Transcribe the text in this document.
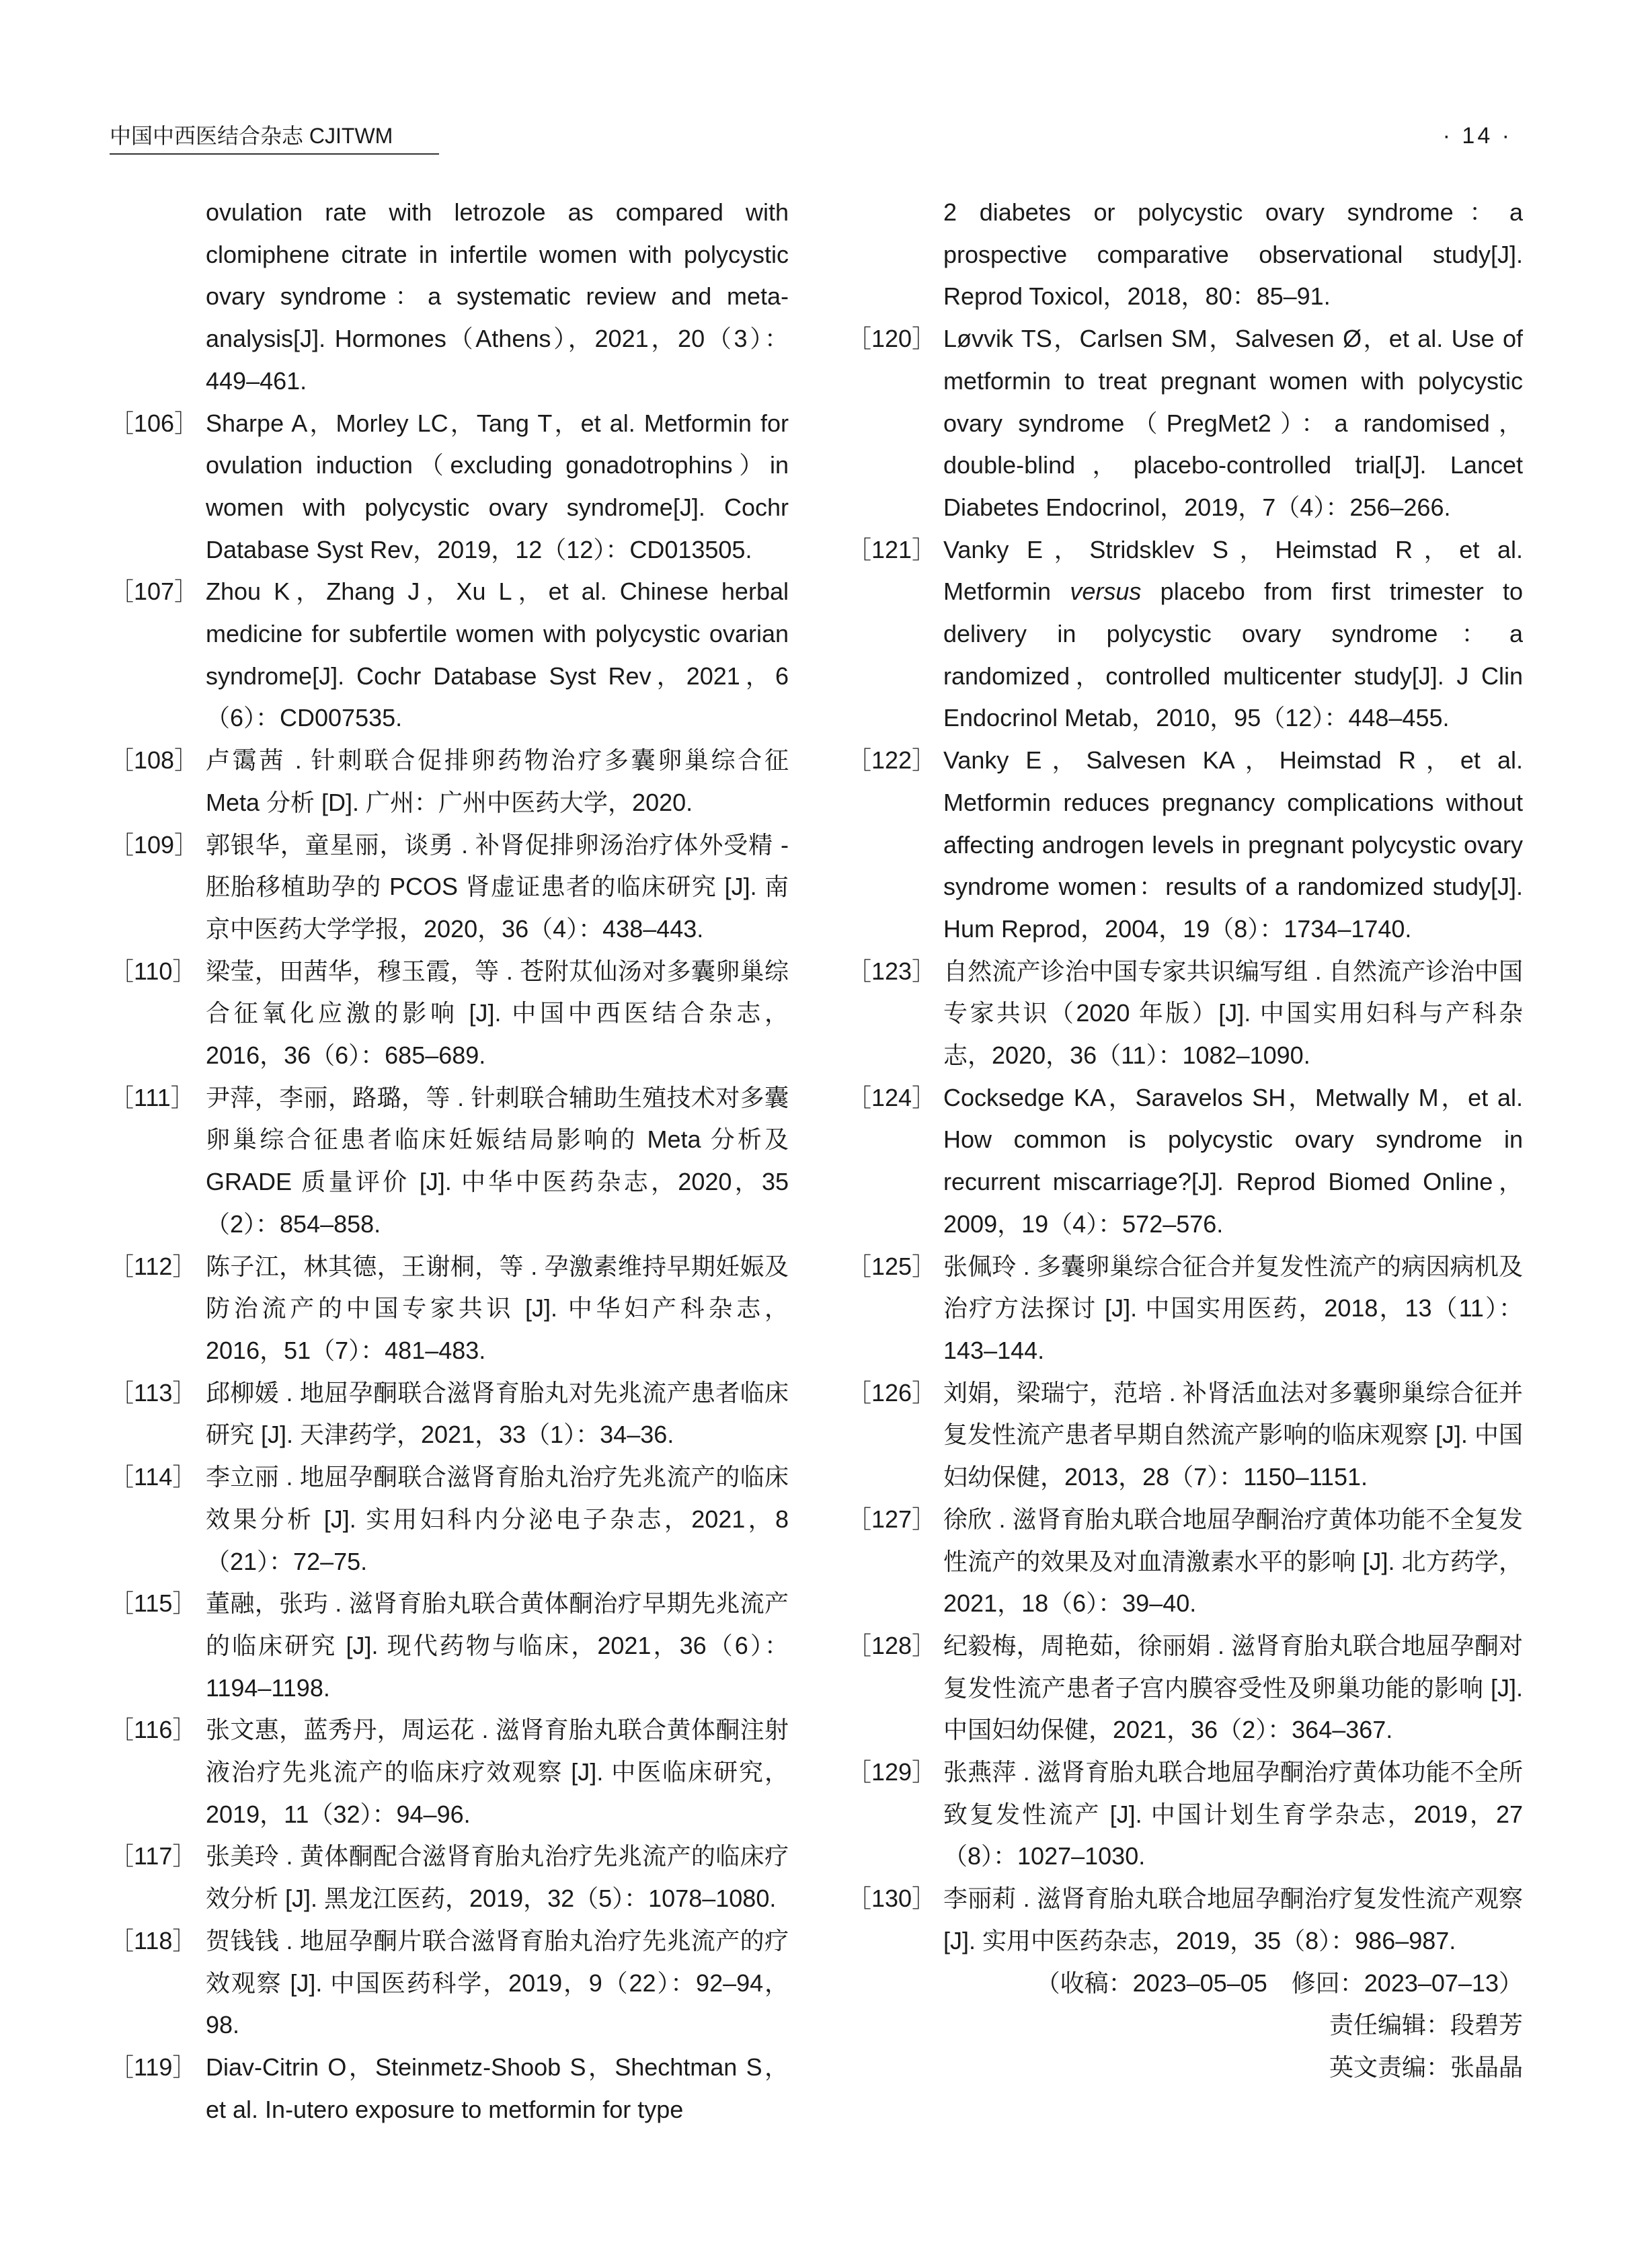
中国中西医结合杂志 CJITWM	· 14 ·
ovulation rate with letrozole as compared with clomiphene citrate in infertile women with polycystic ovary syndrome：a systematic review and meta-analysis[J]. Hormones（Athens），2021，20（3）：449–461.
［106］ Sharpe A，Morley LC，Tang T，et al. Metformin for ovulation induction（excluding gonadotrophins）in women with polycystic ovary syndrome[J]. Cochr Database Syst Rev，2019，12（12）：CD013505.
［107］ Zhou K，Zhang J，Xu L，et al. Chinese herbal medicine for subfertile women with polycystic ovarian syndrome[J]. Cochr Database Syst Rev，2021，6（6）：CD007535.
［108］ 卢霭茜 . 针刺联合促排卵药物治疗多囊卵巢综合征 Meta 分析 [D]. 广州：广州中医药大学，2020.
［109］ 郭银华，童星丽，谈勇 . 补肾促排卵汤治疗体外受精 - 胚胎移植助孕的 PCOS 肾虚证患者的临床研究 [J]. 南京中医药大学学报，2020，36（4）：438–443.
［110］ 梁莹，田茜华，穆玉霞，等 . 苍附苁仙汤对多囊卵巢综合征氧化应激的影响 [J]. 中国中西医结合杂志，2016，36（6）：685–689.
［111］ 尹萍，李丽，路璐，等 . 针刺联合辅助生殖技术对多囊卵巢综合征患者临床妊娠结局影响的 Meta 分析及 GRADE 质量评价 [J]. 中华中医药杂志，2020，35（2）：854–858.
［112］ 陈子江，林其德，王谢桐，等 . 孕激素维持早期妊娠及防治流产的中国专家共识 [J]. 中华妇产科杂志，2016，51（7）：481–483.
［113］ 邱柳媛 . 地屈孕酮联合滋肾育胎丸对先兆流产患者临床研究 [J]. 天津药学，2021，33（1）：34–36.
［114］ 李立丽 . 地屈孕酮联合滋肾育胎丸治疗先兆流产的临床效果分析 [J]. 实用妇科内分泌电子杂志，2021，8（21）：72–75.
［115］ 董融，张玙 . 滋肾育胎丸联合黄体酮治疗早期先兆流产的临床研究 [J]. 现代药物与临床，2021，36（6）：1194–1198.
［116］ 张文惠，蓝秀丹，周运花 . 滋肾育胎丸联合黄体酮注射液治疗先兆流产的临床疗效观察 [J]. 中医临床研究，2019，11（32）：94–96.
［117］ 张美玲 . 黄体酮配合滋肾育胎丸治疗先兆流产的临床疗效分析 [J]. 黑龙江医药，2019，32（5）：1078–1080.
［118］ 贺钱钱 . 地屈孕酮片联合滋肾育胎丸治疗先兆流产的疗效观察 [J]. 中国医药科学，2019，9（22）：92–94，98.
［119］ Diav-Citrin O，Steinmetz-Shoob S，Shechtman S，et al. In-utero exposure to metformin for type
2 diabetes or polycystic ovary syndrome：a prospective comparative observational study[J]. Reprod Toxicol，2018，80：85–91.
［120］ Løvvik TS，Carlsen SM，Salvesen Ø，et al. Use of metformin to treat pregnant women with polycystic ovary syndrome（PregMet2）：a randomised，double-blind，placebo-controlled trial[J]. Lancet Diabetes Endocrinol，2019，7（4）：256–266.
［121］ Vanky E，Stridsklev S，Heimstad R，et al. Metformin versus placebo from first trimester to delivery in polycystic ovary syndrome：a randomized，controlled multicenter study[J]. J Clin Endocrinol Metab，2010，95（12）：448–455.
［122］ Vanky E，Salvesen KA，Heimstad R，et al. Metformin reduces pregnancy complications without affecting androgen levels in pregnant polycystic ovary syndrome women：results of a randomized study[J]. Hum Reprod，2004，19（8）：1734–1740.
［123］ 自然流产诊治中国专家共识编写组 . 自然流产诊治中国专家共识（2020 年版）[J]. 中国实用妇科与产科杂志，2020，36（11）：1082–1090.
［124］ Cocksedge KA，Saravelos SH，Metwally M，et al. How common is polycystic ovary syndrome in recurrent miscarriage?[J]. Reprod Biomed Online，2009，19（4）：572–576.
［125］ 张佩玲 . 多囊卵巢综合征合并复发性流产的病因病机及治疗方法探讨 [J]. 中国实用医药，2018，13（11）：143–144.
［126］ 刘娟，梁瑞宁，范培 . 补肾活血法对多囊卵巢综合征并复发性流产患者早期自然流产影响的临床观察 [J]. 中国妇幼保健，2013，28（7）：1150–1151.
［127］ 徐欣 . 滋肾育胎丸联合地屈孕酮治疗黄体功能不全复发性流产的效果及对血清激素水平的影响 [J]. 北方药学，2021，18（6）：39–40.
［128］ 纪毅梅，周艳茹，徐丽娟 . 滋肾育胎丸联合地屈孕酮对复发性流产患者子宫内膜容受性及卵巢功能的影响 [J]. 中国妇幼保健，2021，36（2）：364–367.
［129］ 张燕萍 . 滋肾育胎丸联合地屈孕酮治疗黄体功能不全所致复发性流产 [J]. 中国计划生育学杂志，2019，27（8）：1027–1030.
［130］ 李丽莉 . 滋肾育胎丸联合地屈孕酮治疗复发性流产观察 [J]. 实用中医药杂志，2019，35（8）：986–987.
（收稿：2023–05–05　修回：2023–07–13）
责任编辑：段碧芳
英文责编：张晶晶
